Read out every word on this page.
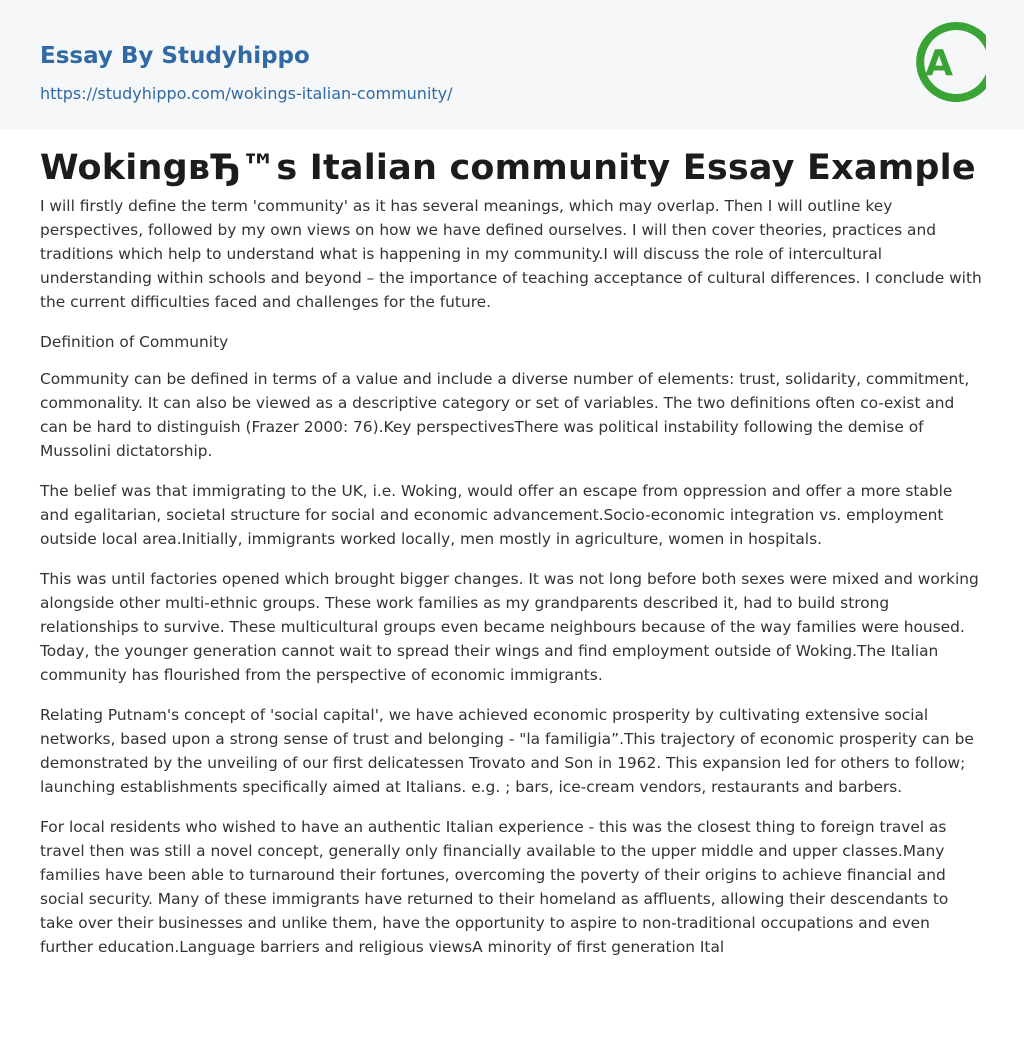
Essay By Studyhippo
https://studyhippo.com/wokings-italian-community/
A
WokingвЂ™s Italian community Essay Example

I will firstly define the term 'community' as it has several meanings, which may overlap. Then I will outline key perspectives, followed by my own views on how we have defined ourselves. I will then cover theories, practices and traditions which help to understand what is happening in my community.I will discuss the role of intercultural understanding within schools and beyond – the importance of teaching acceptance of cultural differences. I conclude with the current difficulties faced and challenges for the future.

Definition of Community

Community can be defined in terms of a value and include a diverse number of elements: trust, solidarity, commitment, commonality. It can also be viewed as a descriptive category or set of variables. The two definitions often co-exist and can be hard to distinguish (Frazer 2000: 76).Key perspectivesThere was political instability following the demise of Mussolini dictatorship.

The belief was that immigrating to the UK, i.e. Woking, would offer an escape from oppression and offer a more stable and egalitarian, societal structure for social and economic advancement.Socio-economic integration vs. employment outside local area.Initially, immigrants worked locally, men mostly in agriculture, women in hospitals.

This was until factories opened which brought bigger changes. It was not long before both sexes were mixed and working alongside other multi-ethnic groups. These work families as my grandparents described it, had to build strong relationships to survive. These multicultural groups even became neighbours because of the way families were housed. Today, the younger generation cannot wait to spread their wings and find employment outside of Woking.The Italian community has flourished from the perspective of economic immigrants.

Relating Putnam's concept of 'social capital', we have achieved economic prosperity by cultivating extensive social networks, based upon a strong sense of trust and belonging - "la familigia”.This trajectory of economic prosperity can be demonstrated by the unveiling of our first delicatessen Trovato and Son in 1962. This expansion led for others to follow; launching establishments specifically aimed at Italians. e.g. ; bars, ice-cream vendors, restaurants and barbers.

For local residents who wished to have an authentic Italian experience - this was the closest thing to foreign travel as travel then was still a novel concept, generally only financially available to the upper middle and upper classes.Many families have been able to turnaround their fortunes, overcoming the poverty of their origins to achieve financial and social security. Many of these immigrants have returned to their homeland as affluents, allowing their descendants to take over their businesses and unlike them, have the opportunity to aspire to non-traditional occupations and even further education.Language barriers and religious viewsA minority of first generation Ital
